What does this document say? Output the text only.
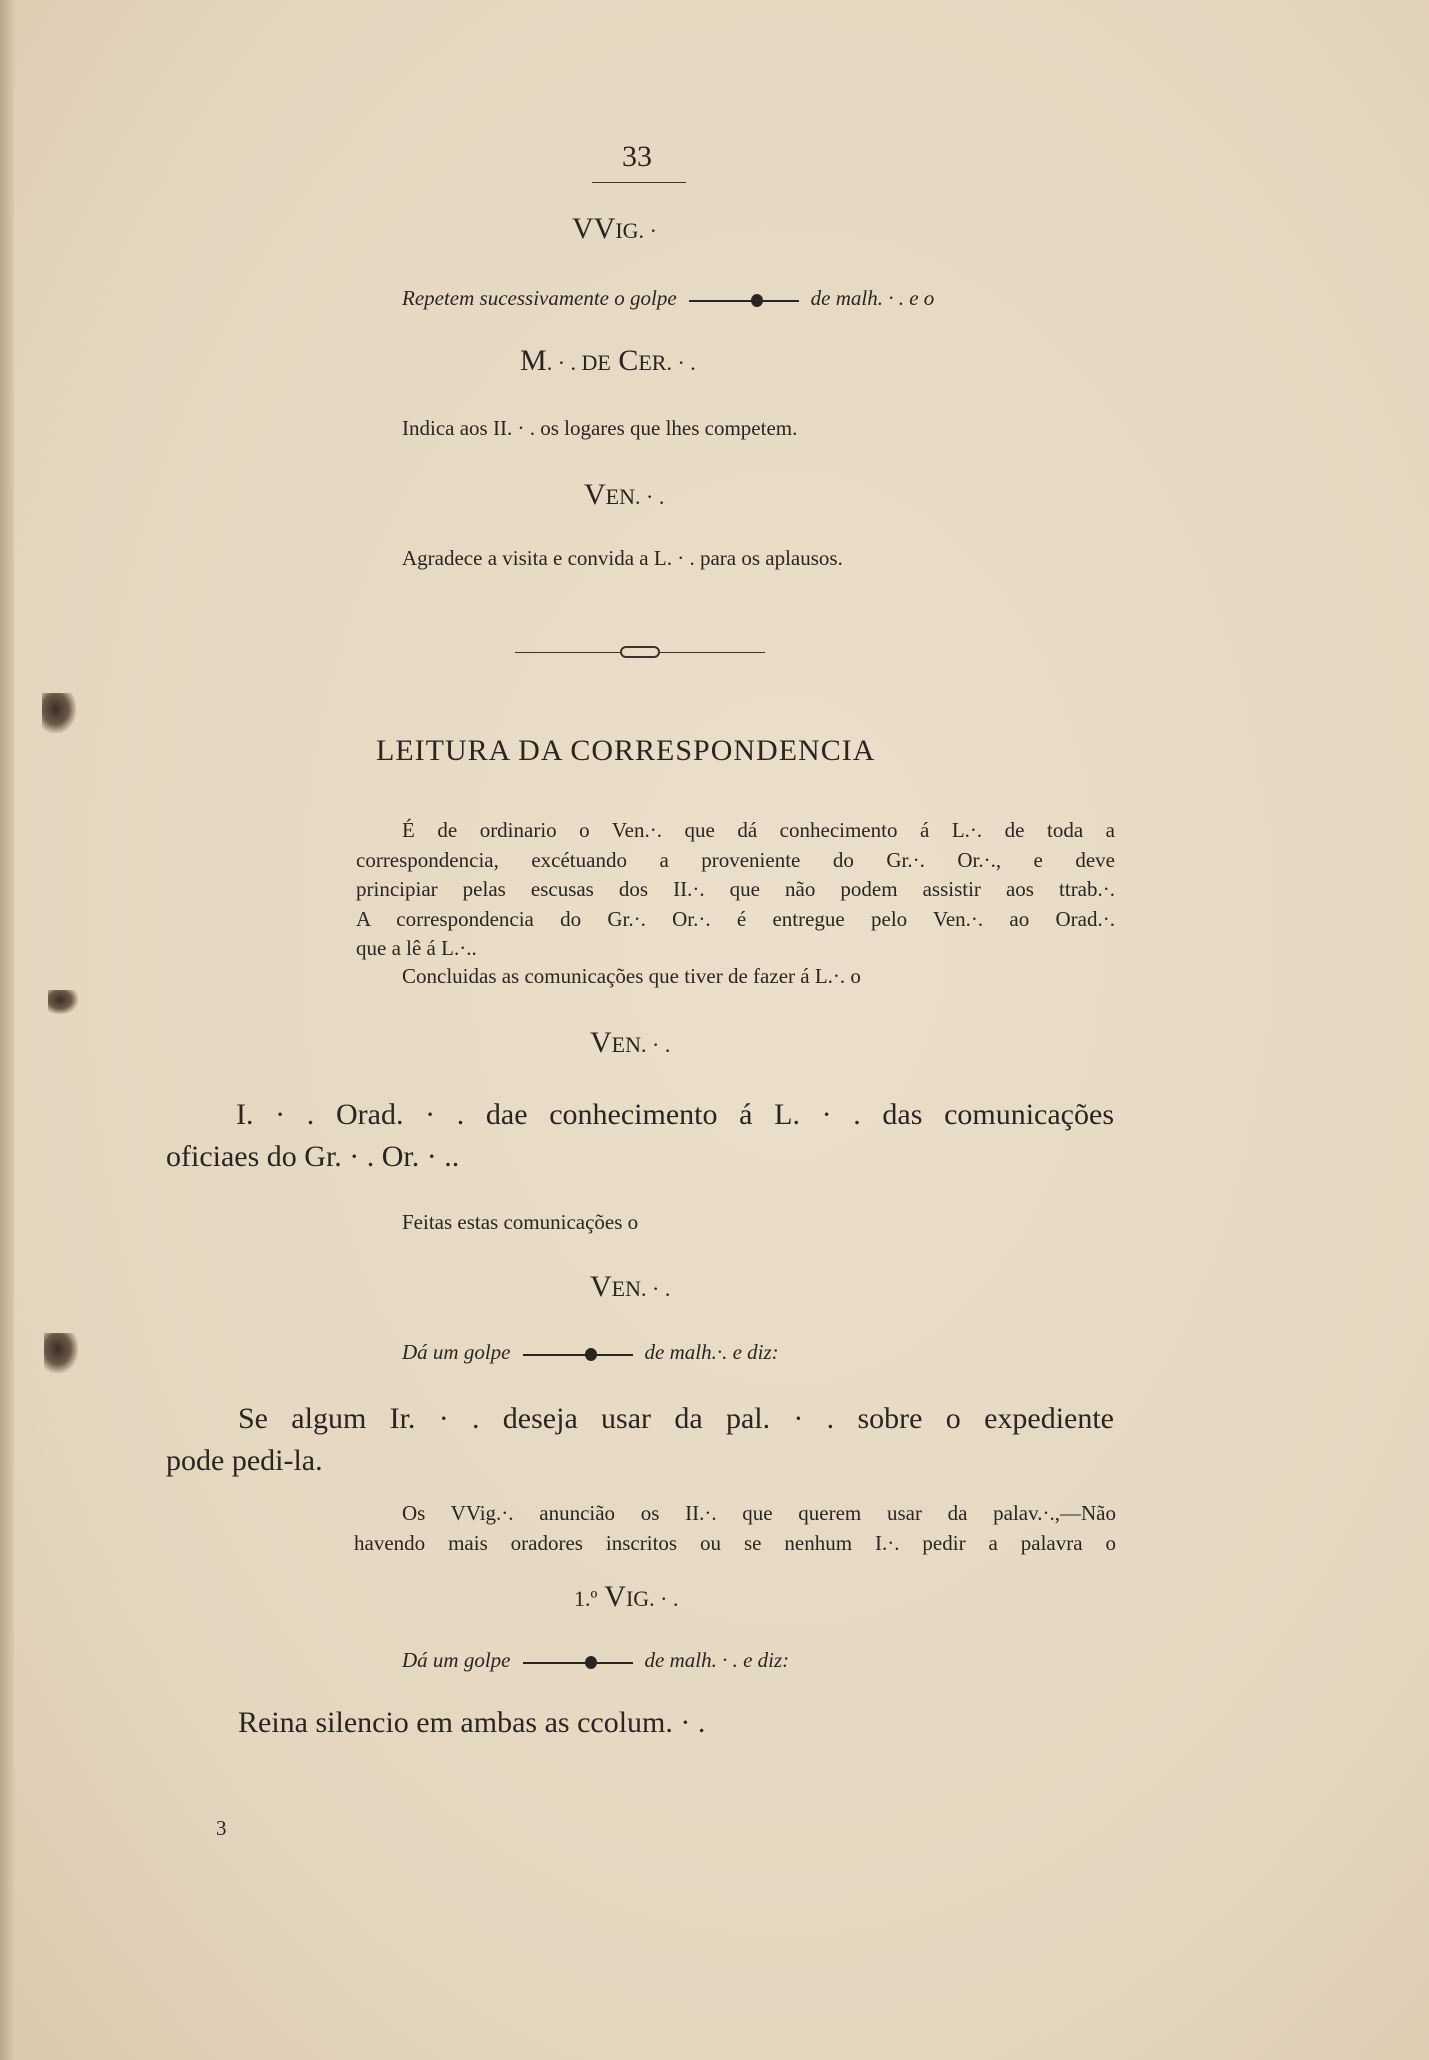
33
VVIG. ·
Repetem sucessivamente o golpe	de malh. · . e o
M. · . DE CER. · .
Indica aos II. · . os logares que lhes competem.
VEN. · .
Agradece a visita e convida a L. · . para os aplausos.
LEITURA DA CORRESPONDENCIA
É de ordinario o Ven.·. que dá conhecimento á L.·. de toda a
correspondencia, excétuando a proveniente do Gr.·. Or.·., e deve
principiar pelas escusas dos II.·. que não podem assistir aos ttrab.·.
A correspondencia do Gr.·. Or.·. é entregue pelo Ven.·. ao Orad.·.
que a lê á L.·..
Concluidas as comunicações que tiver de fazer á L.·. o
VEN. · .
I. · . Orad. · . dae conhecimento á L. · . das comunicações
oficiaes do Gr. · . Or. · ..
Feitas estas comunicações o
VEN. · .
Dá um golpe	de malh.·. e diz:
Se algum Ir. · . deseja usar da pal. · . sobre o expediente
pode pedi-la.
Os VVig.·. anuncião os II.·. que querem usar da palav.·.,—Não
havendo mais oradores inscritos ou se nenhum I.·. pedir a palavra o
1.º VIG. · .
Dá um golpe	de malh. · . e diz:
Reina silencio em ambas as ccolum. · .
3
